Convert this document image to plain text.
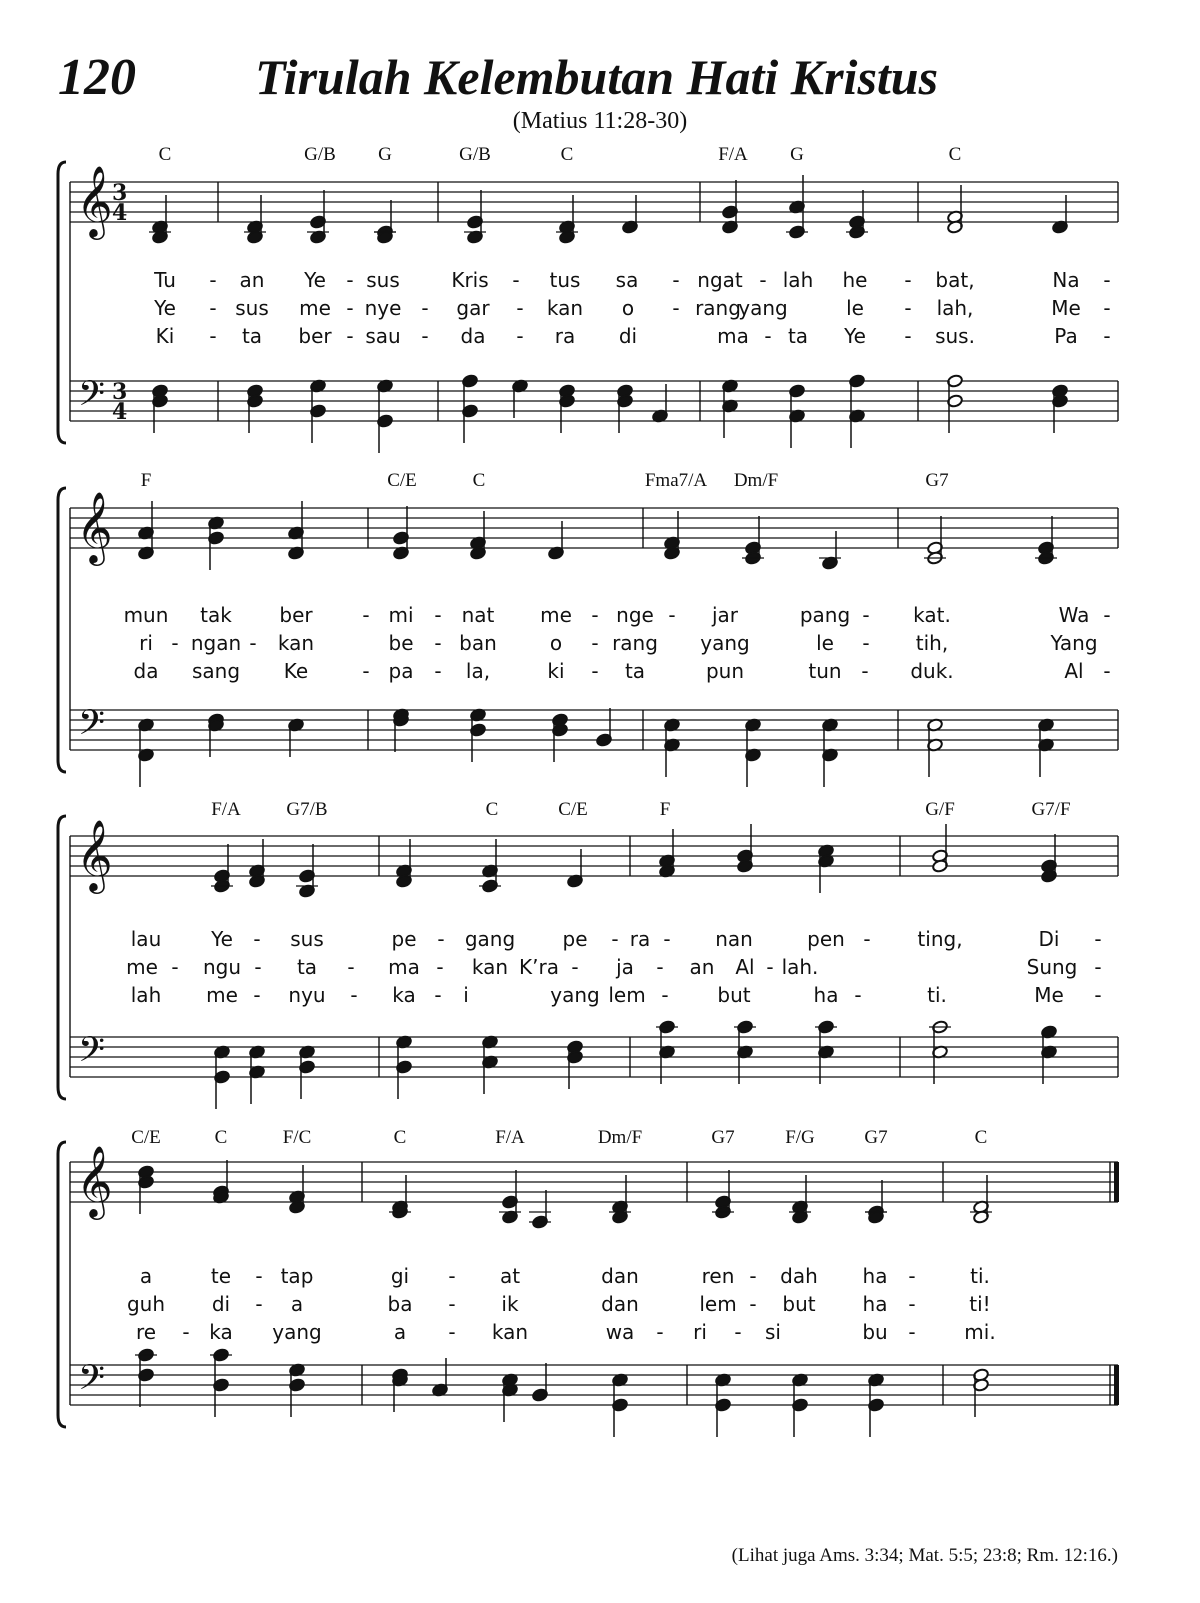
120 Tirulah Kelembutan Hati Kristus
(Matius 11:28-30)
(Lihat juga Ams. 3:34; Mat. 5:5; 23:8; Rm. 12:16.)
𝄞
𝄢
3
4
3
4
C	G/B G	G/B	C	F/A G	C
Tu - an Ye - sus	Kris - tus sa - ngat - lah he - bat,	Na -
Ye - sus me - nye - gar - kan o - rang
yang	le - lah,	Me -
Ki - ta ber - sau - da - ra di	ma - ta Ye - sus.	Pa -
𝄞
𝄢
F	C/E	C	Fma7/A Dm/F	G7
mun tak ber - mi - nat me - nge - jar	pang - kat.	Wa -
ri - ngan - kan	be - ban	o - rang yang	le - tih,	Yang
da sang Ke	- pa - la,	ki - ta	pun	tun - duk.	Al -
𝄞
𝄢
F/A G7/B	C	C/E	F	G/F	G7/F
lau Ye - sus	pe - gang pe - ra - nan	pen - ting,	Di -
me - ngu - ta - ma - kan K’ra - ja - an Al - lah.	Sung -
lah me - nyu - ka - i	yang lem - but	ha -	ti.	Me -
𝄞
𝄢
C/E	C	F/C	C	F/A	Dm/F	G7	F/G	G7	C
a	te - tap	gi - at	dan	ren - dah ha -	ti.
guh di - a	ba - ik	dan	lem - but ha -	ti!
re - ka yang	a - kan	wa - ri - si	bu - mi.
